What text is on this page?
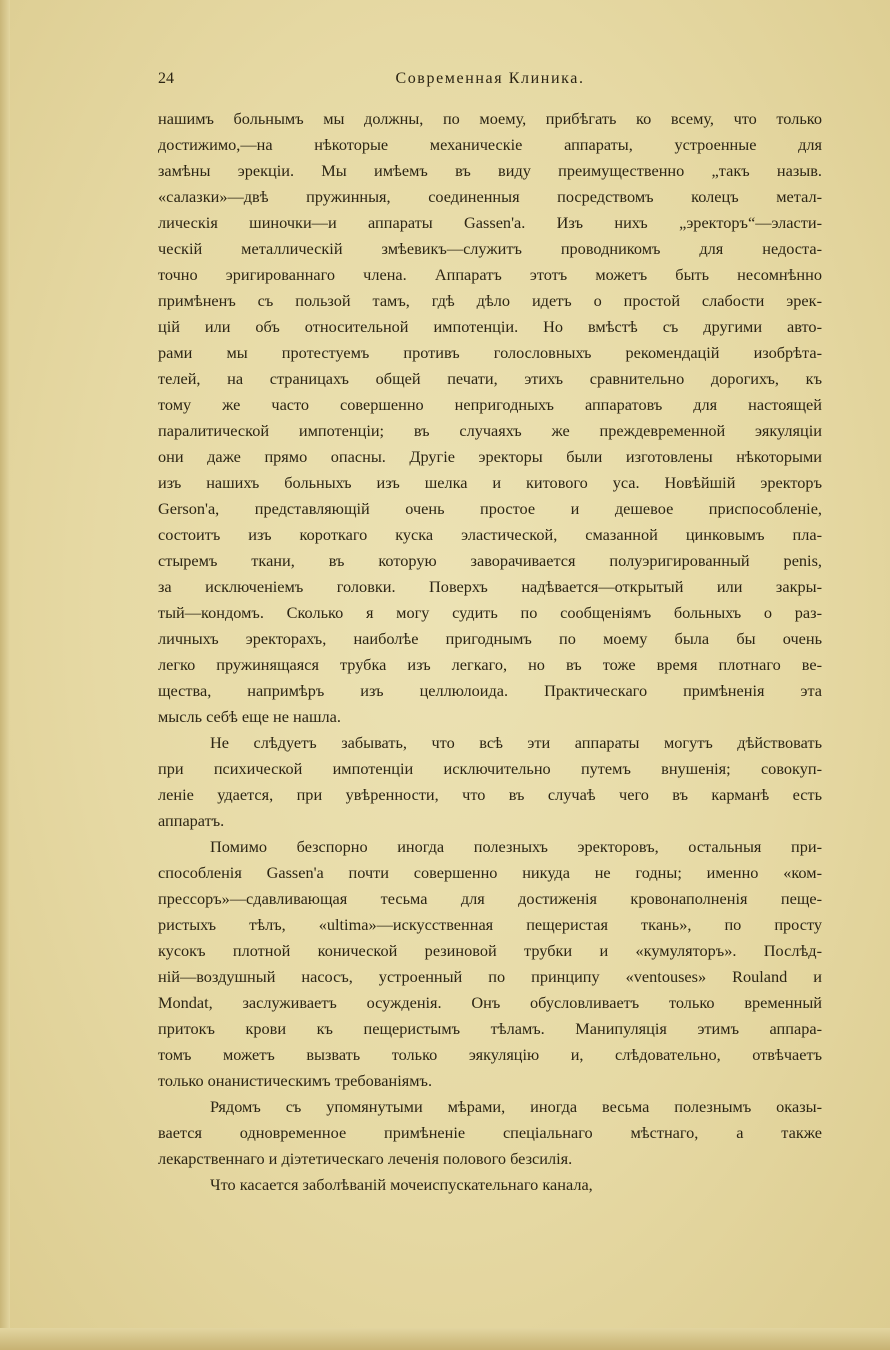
24	Современная Клиника.
нашимъ больнымъ мы должны, по моему, прибѣгать ко всему, что только
достижимо,—на нѣкоторые механическіе аппараты, устроенные для
замѣны эрекціи. Мы имѣемъ въ виду преимущественно „такъ назыв.
«салазки»—двѣ пружинныя, соединенныя посредствомъ колецъ метал-
лическія шиночки—и аппараты Gassen'а. Изъ нихъ „эректоръ“—эласти-
ческій металлическій змѣевикъ—служитъ проводникомъ для недоста-
точно эригированнаго члена. Аппаратъ этотъ можетъ быть несомнѣнно
примѣненъ съ пользой тамъ, гдѣ дѣло идетъ о простой слабости эрек-
цій или объ относительной импотенціи. Но вмѣстѣ съ другими авто-
рами мы протестуемъ противъ голословныхъ рекомендацій изобрѣта-
телей, на страницахъ общей печати, этихъ сравнительно дорогихъ, къ
тому же часто совершенно непригодныхъ аппаратовъ для настоящей
паралитической импотенціи; въ случаяхъ же преждевременной эякуляціи
они даже прямо опасны. Другіе эректоры были изготовлены нѣкоторыми
изъ нашихъ больныхъ изъ шелка и китового уса. Новѣйшій эректоръ
Gerson'а, представляющій очень простое и дешевое приспособленіе,
состоитъ изъ короткаго куска эластической, смазанной цинковымъ пла-
стыремъ ткани, въ которую заворачивается полуэригированный penis,
за исключеніемъ головки. Поверхъ надѣвается—открытый или закры-
тый—кондомъ. Сколько я могу судить по сообщеніямъ больныхъ о раз-
личныхъ эректорахъ, наиболѣе пригоднымъ по моему была бы очень
легко пружинящаяся трубка изъ легкаго, но въ тоже время плотнаго ве-
щества, напримѣръ изъ целлюлоида. Практическаго примѣненія эта
мысль себѣ еще не нашла.
Не слѣдуетъ забывать, что всѣ эти аппараты могутъ дѣйствовать
при психической импотенціи исключительно путемъ внушенія; совокуп-
леніе удается, при увѣренности, что въ случаѣ чего въ карманѣ есть
аппаратъ.
Помимо безспорно иногда полезныхъ эректоровъ, остальныя при-
способленія Gassen'а почти совершенно никуда не годны; именно «ком-
прессоръ»—сдавливающая тесьма для достиженія кровонаполненія пеще-
ристыхъ тѣлъ, «ultima»—искусственная пещеристая ткань», по просту
кусокъ плотной конической резиновой трубки и «кумуляторъ». Послѣд-
ній—воздушный насосъ, устроенный по принципу «ventouses» Rouland и
Mondat, заслуживаетъ осужденія. Онъ обусловливаетъ только временный
притокъ крови къ пещеристымъ тѣламъ. Манипуляція этимъ аппара-
томъ можетъ вызвать только эякуляцію и, слѣдовательно, отвѣчаетъ
только онанистическимъ требованіямъ.
Рядомъ съ упомянутыми мѣрами, иногда весьма полезнымъ оказы-
вается одновременное примѣненіе спеціальнаго мѣстнаго, а также
лекарственнаго и діэтетическаго леченія полового безсилія.
Что касается заболѣваній мочеиспускательнаго канала,
